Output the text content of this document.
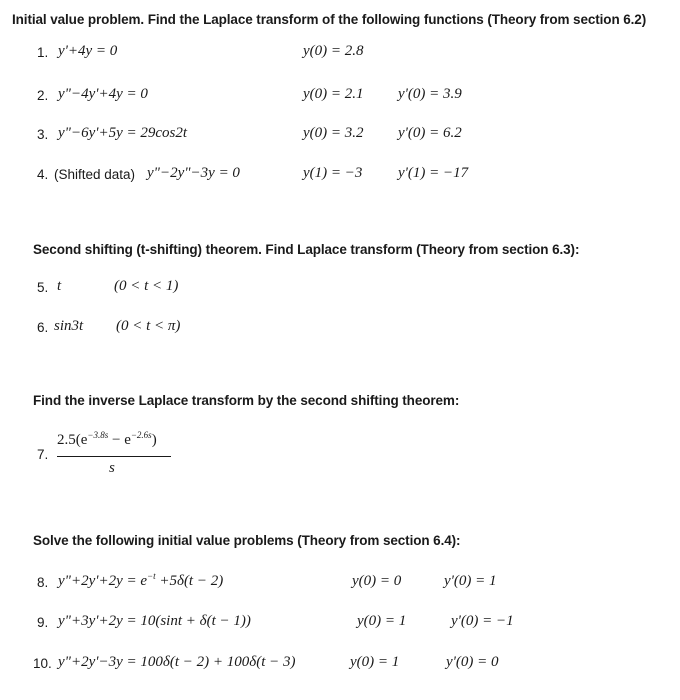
Initial value problem. Find the Laplace transform of the following functions (Theory from section 6.2)
1. y'+4y = 0	y(0) = 2.8
2. y"−4y'+4y = 0	y(0) = 2.1 y'(0) = 3.9
3. y"−6y'+5y = 29cos2t	y(0) = 3.2 y'(0) = 6.2
4. (Shifted data) y"−2y"−3y = 0	y(1) = −3 y'(1) = −17
Second shifting (t-shifting) theorem. Find Laplace transform (Theory from section 6.3):
5. t	(0 < t < 1)
6. sin3t (0 < t < π)
Find the inverse Laplace transform by the second shifting theorem:
7.
$2.5(e^{-3.8s} - e^{-2.6s})$
s
Solve the following initial value problems (Theory from section 6.4):
8. y"+2y'+2y = $e^{-t} +5\delta(t - 2)$	y(0) = 0	y'(0) = 1
9. y"+3y'+2y = 10(sint + δ(t − 1))	y(0) = 1	y'(0) = −1
10. y"+2y'−3y = 100δ(t − 2) + 100δ(t − 3)	y(0) = 1	y'(0) = 0
